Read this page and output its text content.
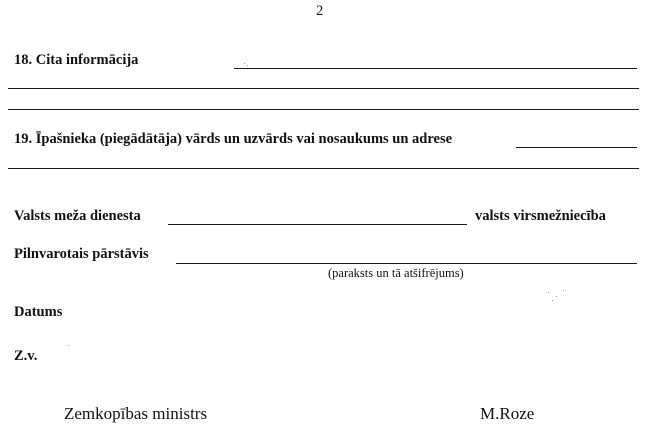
2
18. Cita informācija
19. Īpašnieka (piegādātāja) vārds un uzvārds vai nosaukums un adrese
Valsts meža dienesta	valsts virsmežniecība
Pilnvarotais pārstāvis
(paraksts un tā atšifrējums)
Datums
Z.v.
Zemkopības ministrs	M.Roze
